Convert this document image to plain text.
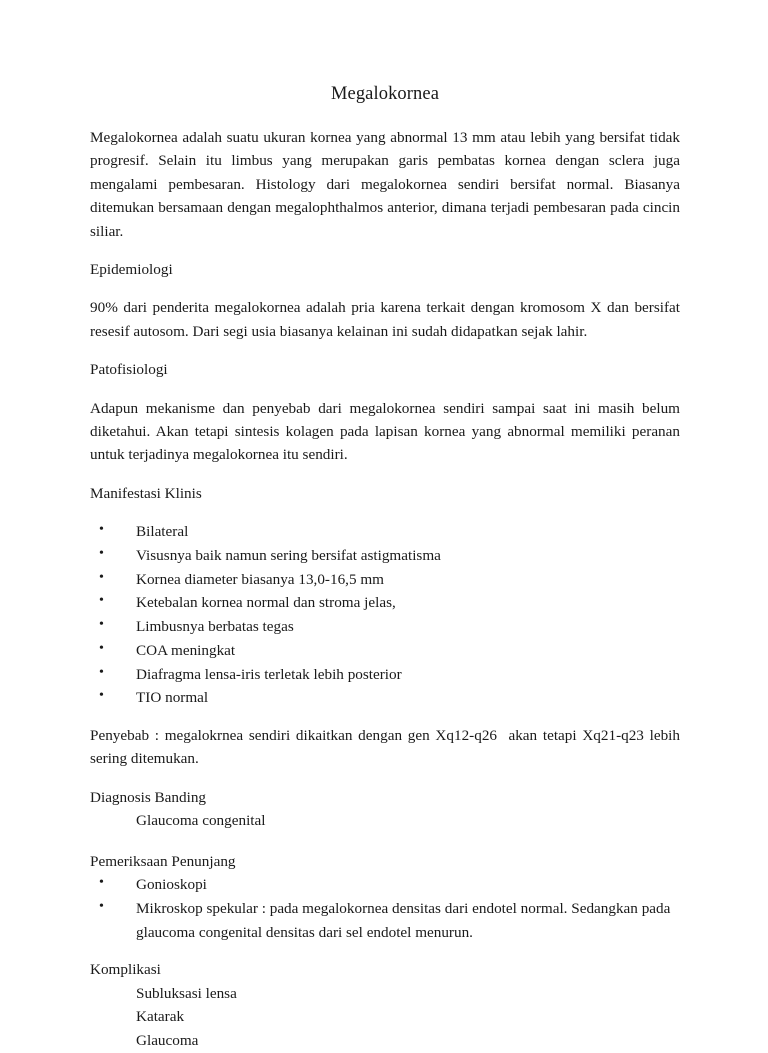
Megalokornea

Megalokornea adalah suatu ukuran kornea yang abnormal 13 mm atau lebih yang bersifat tidak progresif. Selain itu limbus yang merupakan garis pembatas kornea dengan sclera juga mengalami pembesaran. Histology dari megalokornea sendiri bersifat normal. Biasanya ditemukan bersamaan dengan megalophthalmos anterior, dimana terjadi pembesaran pada cincin siliar.

Epidemiologi

90% dari penderita megalokornea adalah pria karena terkait dengan kromosom X dan bersifat resesif autosom. Dari segi usia biasanya kelainan ini sudah didapatkan sejak lahir.

Patofisiologi

Adapun mekanisme dan penyebab dari megalokornea sendiri sampai saat ini masih belum diketahui. Akan tetapi sintesis kolagen pada lapisan kornea yang abnormal memiliki peranan untuk terjadinya megalokornea itu sendiri.

Manifestasi Klinis

• Bilateral
• Visusnya baik namun sering bersifat astigmatisma
• Kornea diameter biasanya 13,0-16,5 mm
• Ketebalan kornea normal dan stroma jelas,
• Limbusnya berbatas tegas
• COA meningkat
• Diafragma lensa-iris terletak lebih posterior
• TIO normal

Penyebab : megalokrnea sendiri dikaitkan dengan gen Xq12-q26  akan tetapi Xq21-q23 lebih sering ditemukan.

Diagnosis Banding

Glaucoma congenital

Pemeriksaan Penunjang

• Gonioskopi
• Mikroskop spekular : pada megalokornea densitas dari endotel normal. Sedangkan pada glaucoma congenital densitas dari sel endotel menurun.

Komplikasi

Subluksasi lensa

Katarak

Glaucoma
